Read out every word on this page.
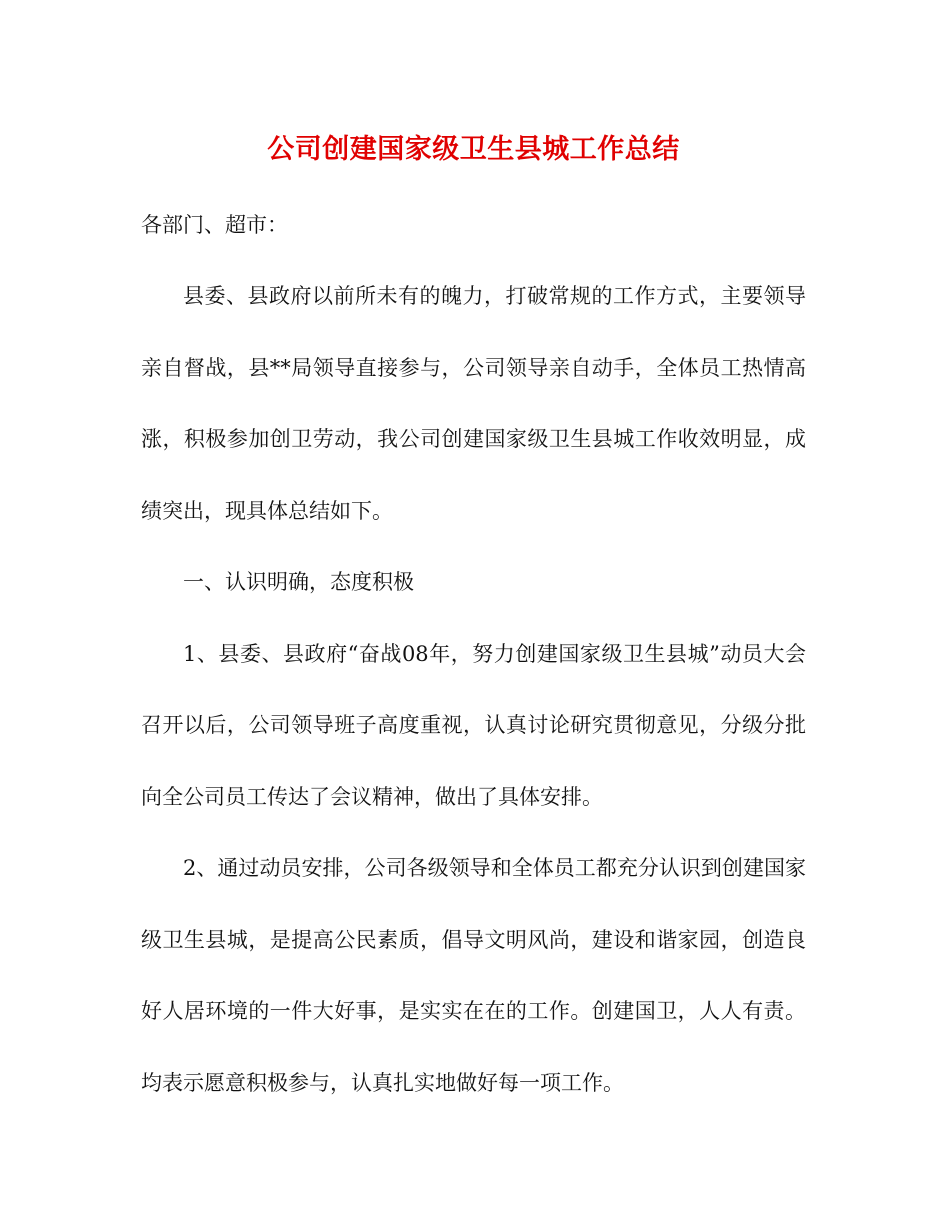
公司创建国家级卫生县城工作总结

各部门、超市：

县委、县政府以前所未有的魄力，打破常规的工作方式，主要领导亲自督战，县**局领导直接参与，公司领导亲自动手，全体员工热情高涨，积极参加创卫劳动，我公司创建国家级卫生县城工作收效明显，成绩突出，现具体总结如下。

一、认识明确，态度积极

1、县委、县政府“奋战08年，努力创建国家级卫生县城”动员大会召开以后，公司领导班子高度重视，认真讨论研究贯彻意见，分级分批向全公司员工传达了会议精神，做出了具体安排。

2、通过动员安排，公司各级领导和全体员工都充分认识到创建国家级卫生县城，是提高公民素质，倡导文明风尚，建设和谐家园，创造良好人居环境的一件大好事，是实实在在的工作。创建国卫，人人有责。均表示愿意积极参与，认真扎实地做好每一项工作。
